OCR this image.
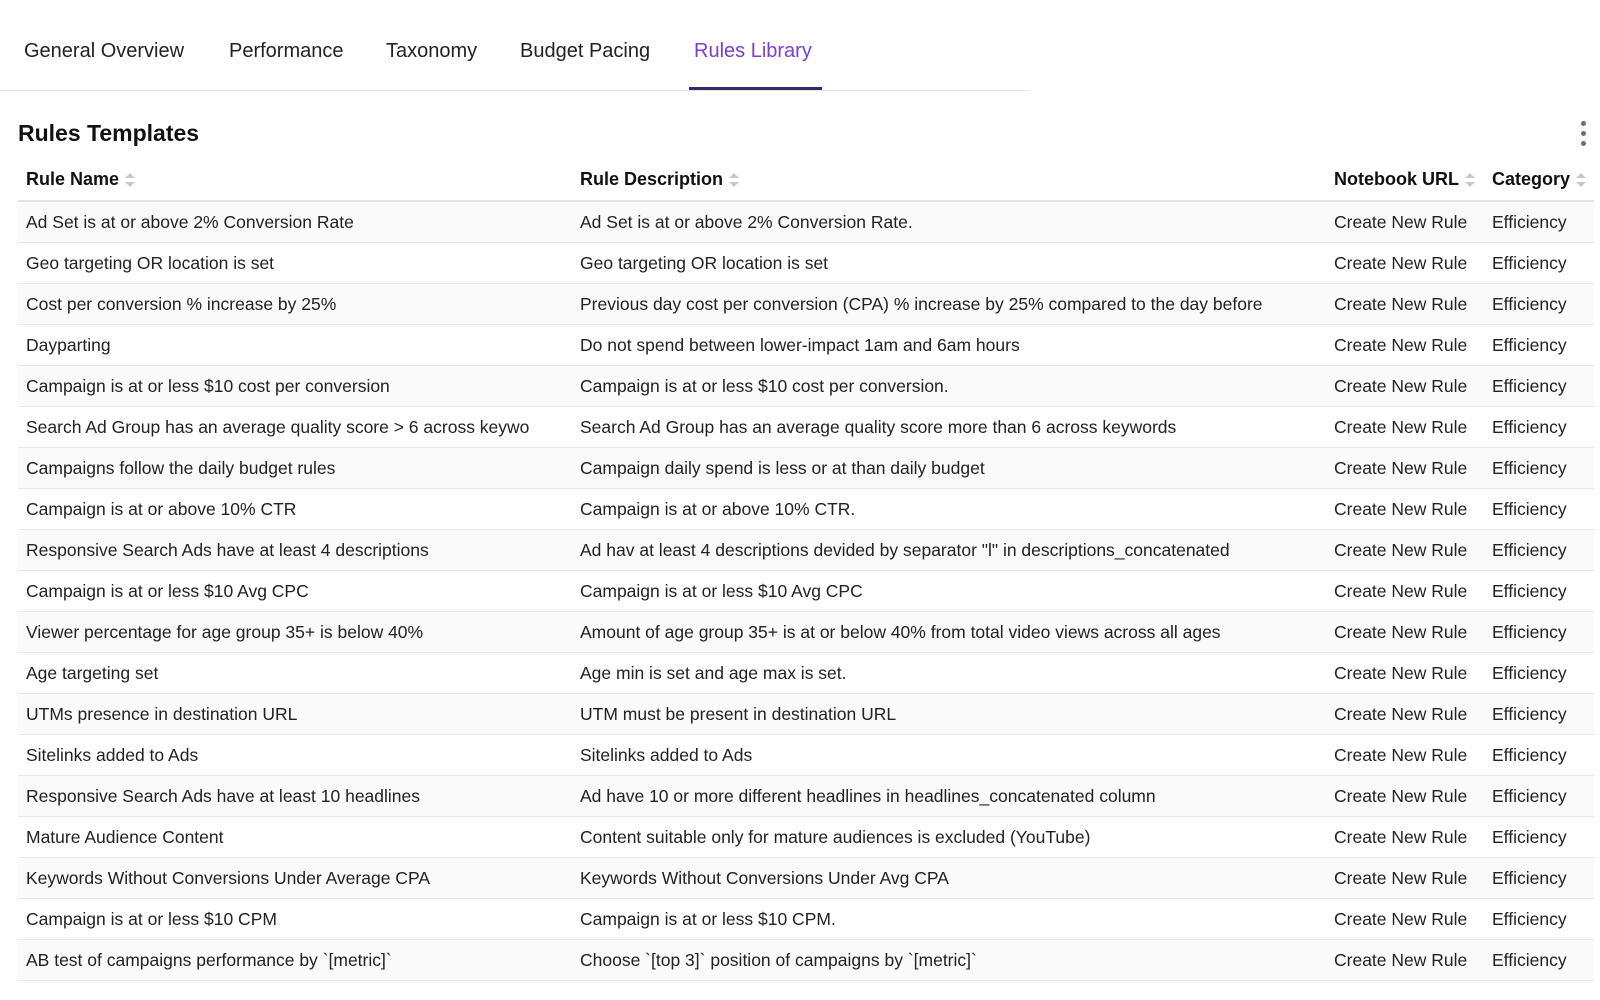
General Overview Performance Taxonomy Budget Pacing Rules Library
Rules Templates
Rule Name	Rule Description	Notebook URL	Category
Ad Set is at or above 2% Conversion Rate	Ad Set is at or above 2% Conversion Rate.	Create New Rule	Efficiency
Geo targeting OR location is set	Geo targeting OR location is set	Create New Rule	Efficiency
Cost per conversion % increase by 25%	Previous day cost per conversion (CPA) % increase by 25% compared to the day before	Create New Rule	Efficiency
Dayparting	Do not spend between lower-impact 1am and 6am hours	Create New Rule	Efficiency
Campaign is at or less $10 cost per conversion	Campaign is at or less $10 cost per conversion.	Create New Rule	Efficiency
Search Ad Group has an average quality score > 6 across keywo	Search Ad Group has an average quality score more than 6 across keywords	Create New Rule	Efficiency
Campaigns follow the daily budget rules	Campaign daily spend is less or at than daily budget	Create New Rule	Efficiency
Campaign is at or above 10% CTR	Campaign is at or above 10% CTR.	Create New Rule	Efficiency
Responsive Search Ads have at least 4 descriptions	Ad hav at least 4 descriptions devided by separator "l" in descriptions_concatenated	Create New Rule	Efficiency
Campaign is at or less $10 Avg CPC	Campaign is at or less $10 Avg CPC	Create New Rule	Efficiency
Viewer percentage for age group 35+ is below 40%	Amount of age group 35+ is at or below 40% from total video views across all ages	Create New Rule	Efficiency
Age targeting set	Age min is set and age max is set.	Create New Rule	Efficiency
UTMs presence in destination URL	UTM must be present in destination URL	Create New Rule	Efficiency
Sitelinks added to Ads	Sitelinks added to Ads	Create New Rule	Efficiency
Responsive Search Ads have at least 10 headlines	Ad have 10 or more different headlines in headlines_concatenated column	Create New Rule	Efficiency
Mature Audience Content	Content suitable only for mature audiences is excluded (YouTube)	Create New Rule	Efficiency
Keywords Without Conversions Under Average CPA	Keywords Without Conversions Under Avg CPA	Create New Rule	Efficiency
Campaign is at or less $10 CPM	Campaign is at or less $10 CPM.	Create New Rule	Efficiency
AB test of campaigns performance by `[metric]`	Choose `[top 3]` position of campaigns by `[metric]`	Create New Rule	Efficiency
